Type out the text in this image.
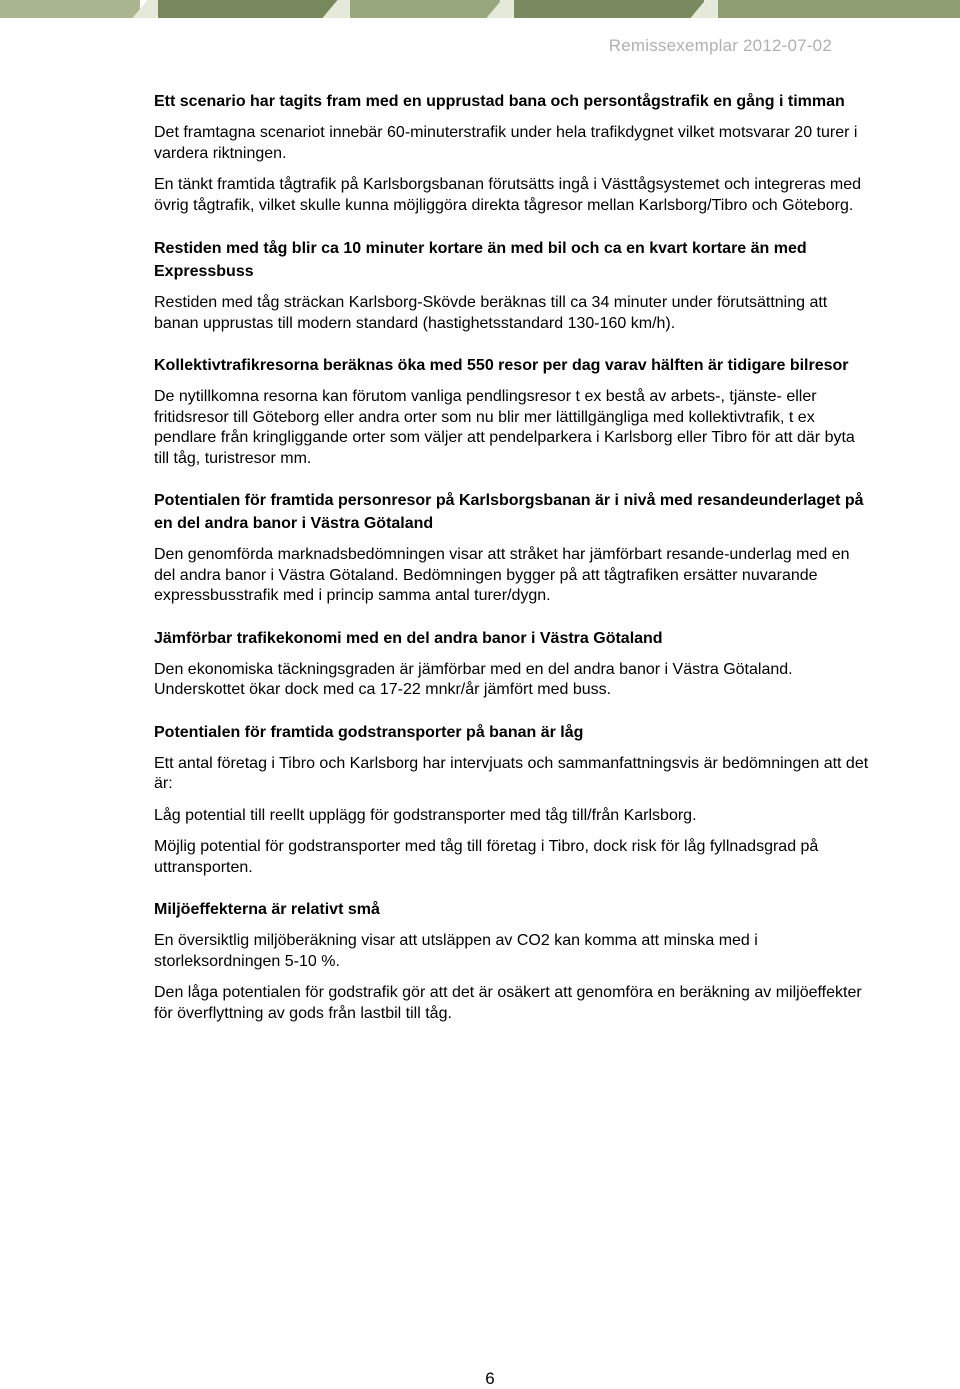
Remissexemplar 2012-07-02

Ett scenario har tagits fram med en upprustad bana och persontågstrafik en gång i timman

Det framtagna scenariot innebär 60-minuterstrafik under hela trafikdygnet vilket motsvarar 20 turer i vardera riktningen.

En tänkt framtida tågtrafik på Karlsborgsbanan förutsätts ingå i Västtågsystemet och integreras med övrig tågtrafik, vilket skulle kunna möjliggöra direkta tågresor mellan Karlsborg/Tibro och Göteborg.

Restiden med tåg blir ca 10 minuter kortare än med bil och ca en kvart kortare än med Expressbuss

Restiden med tåg sträckan Karlsborg-Skövde beräknas till ca 34 minuter under förutsättning att banan upprustas till modern standard (hastighetsstandard 130-160 km/h).

Kollektivtrafikresorna beräknas öka med 550 resor per dag varav hälften är tidigare bilresor

De nytillkomna resorna kan förutom vanliga pendlingsresor t ex bestå av arbets-, tjänste- eller fritidsresor till Göteborg eller andra orter som nu blir mer lättillgängliga med kollektivtrafik, t ex pendlare från kringliggande orter som väljer att pendelparkera i Karlsborg eller Tibro för att där byta till tåg, turistresor mm.

Potentialen för framtida personresor på Karlsborgsbanan är i nivå med resandeunderlaget på en del andra banor i Västra Götaland

Den genomförda marknadsbedömningen visar att stråket har jämförbart resande-underlag med en del andra banor i Västra Götaland. Bedömningen bygger på att tågtrafiken ersätter nuvarande expressbusstrafik med i princip samma antal turer/dygn.

Jämförbar trafikekonomi med en del andra banor i Västra Götaland

Den ekonomiska täckningsgraden är jämförbar med en del andra banor i Västra Götaland. Underskottet ökar dock med ca 17-22 mnkr/år jämfört med buss.

Potentialen för framtida godstransporter på banan är låg

Ett antal företag i Tibro och Karlsborg har intervjuats och sammanfattningsvis är bedömningen att det är:

Låg potential till reellt upplägg för godstransporter med tåg till/från Karlsborg.

Möjlig potential för godstransporter med tåg till företag i Tibro, dock risk för låg fyllnadsgrad på uttransporten.

Miljöeffekterna är relativt små

En översiktlig miljöberäkning visar att utsläppen av CO2 kan komma att minska med i storleksordningen 5-10 %.

Den låga potentialen för godstrafik gör att det är osäkert att genomföra en beräkning av miljöeffekter för överflyttning av gods från lastbil till tåg.

6
